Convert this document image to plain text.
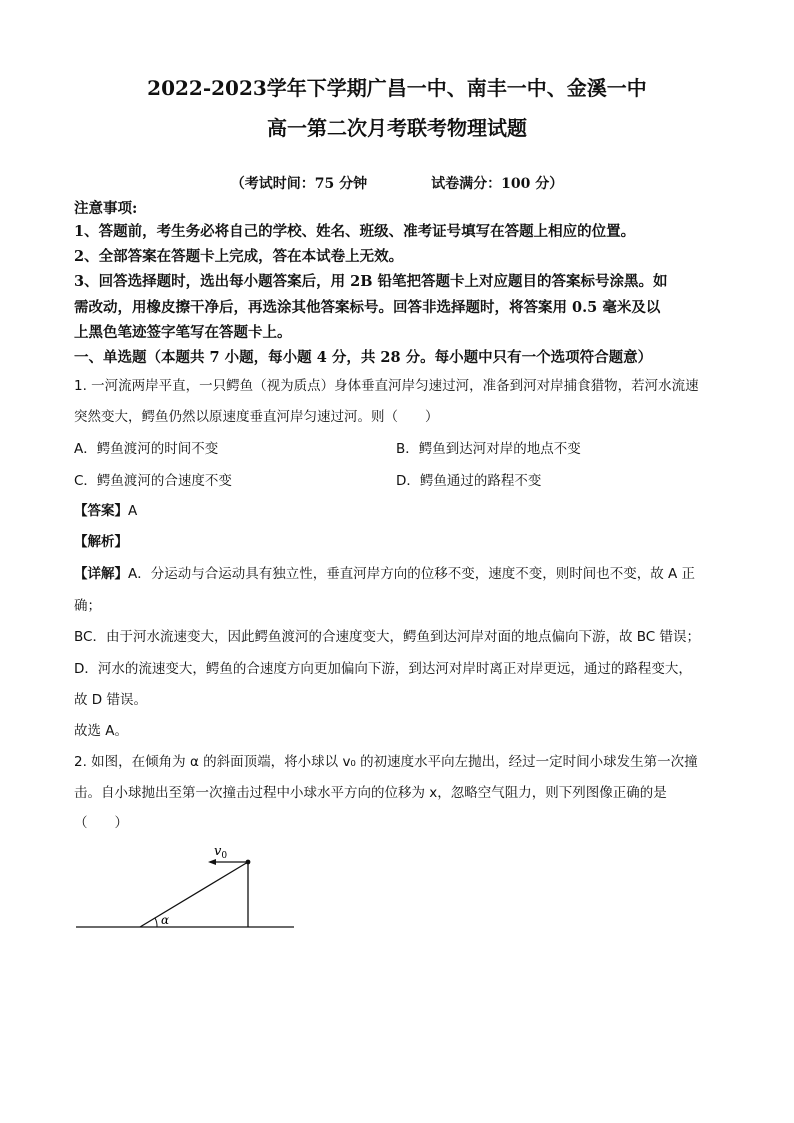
2022-2023学年下学期广昌一中、南丰一中、金溪一中
高一第二次月考联考物理试题
（考试时间：75 分钟	试卷满分：100 分）
注意事项:
1、答题前，考生务必将自己的学校、姓名、班级、准考证号填写在答题上相应的位置。
2、全部答案在答题卡上完成，答在本试卷上无效。
3、回答选择题时，选出每小题答案后，用 2B 铅笔把答题卡上对应题目的答案标号涂黑。如
需改动，用橡皮擦干净后，再选涂其他答案标号。回答非选择题时，将答案用 0.5 毫米及以
上黑色笔迹签字笔写在答题卡上。
一、单选题（本题共 7 小题，每小题 4 分，共 28 分。每小题中只有一个选项符合题意）
1. 一河流两岸平直，一只鳄鱼（视为质点）身体垂直河岸匀速过河，准备到河对岸捕食猎物，若河水流速
突然变大，鳄鱼仍然以原速度垂直河岸匀速过河。则（　　）
A．鳄鱼渡河的时间不变	B．鳄鱼到达河对岸的地点不变
C．鳄鱼渡河的合速度不变	D．鳄鱼通过的路程不变
【答案】A
【解析】
【详解】A．分运动与合运动具有独立性，垂直河岸方向的位移不变，速度不变，则时间也不变，故 A 正
确；
BC．由于河水流速变大，因此鳄鱼渡河的合速度变大，鳄鱼到达河岸对面的地点偏向下游，故 BC 错误；
D．河水的流速变大，鳄鱼的合速度方向更加偏向下游，到达河对岸时离正对岸更远，通过的路程变大，
故 D 错误。
故选 A。
2. 如图，在倾角为 α 的斜面顶端，将小球以 v₀ 的初速度水平向左抛出，经过一定时间小球发生第一次撞
击。自小球抛出至第一次撞击过程中小球水平方向的位移为 x，忽略空气阻力，则下列图像正确的是
（　　）
$v_0$
α
